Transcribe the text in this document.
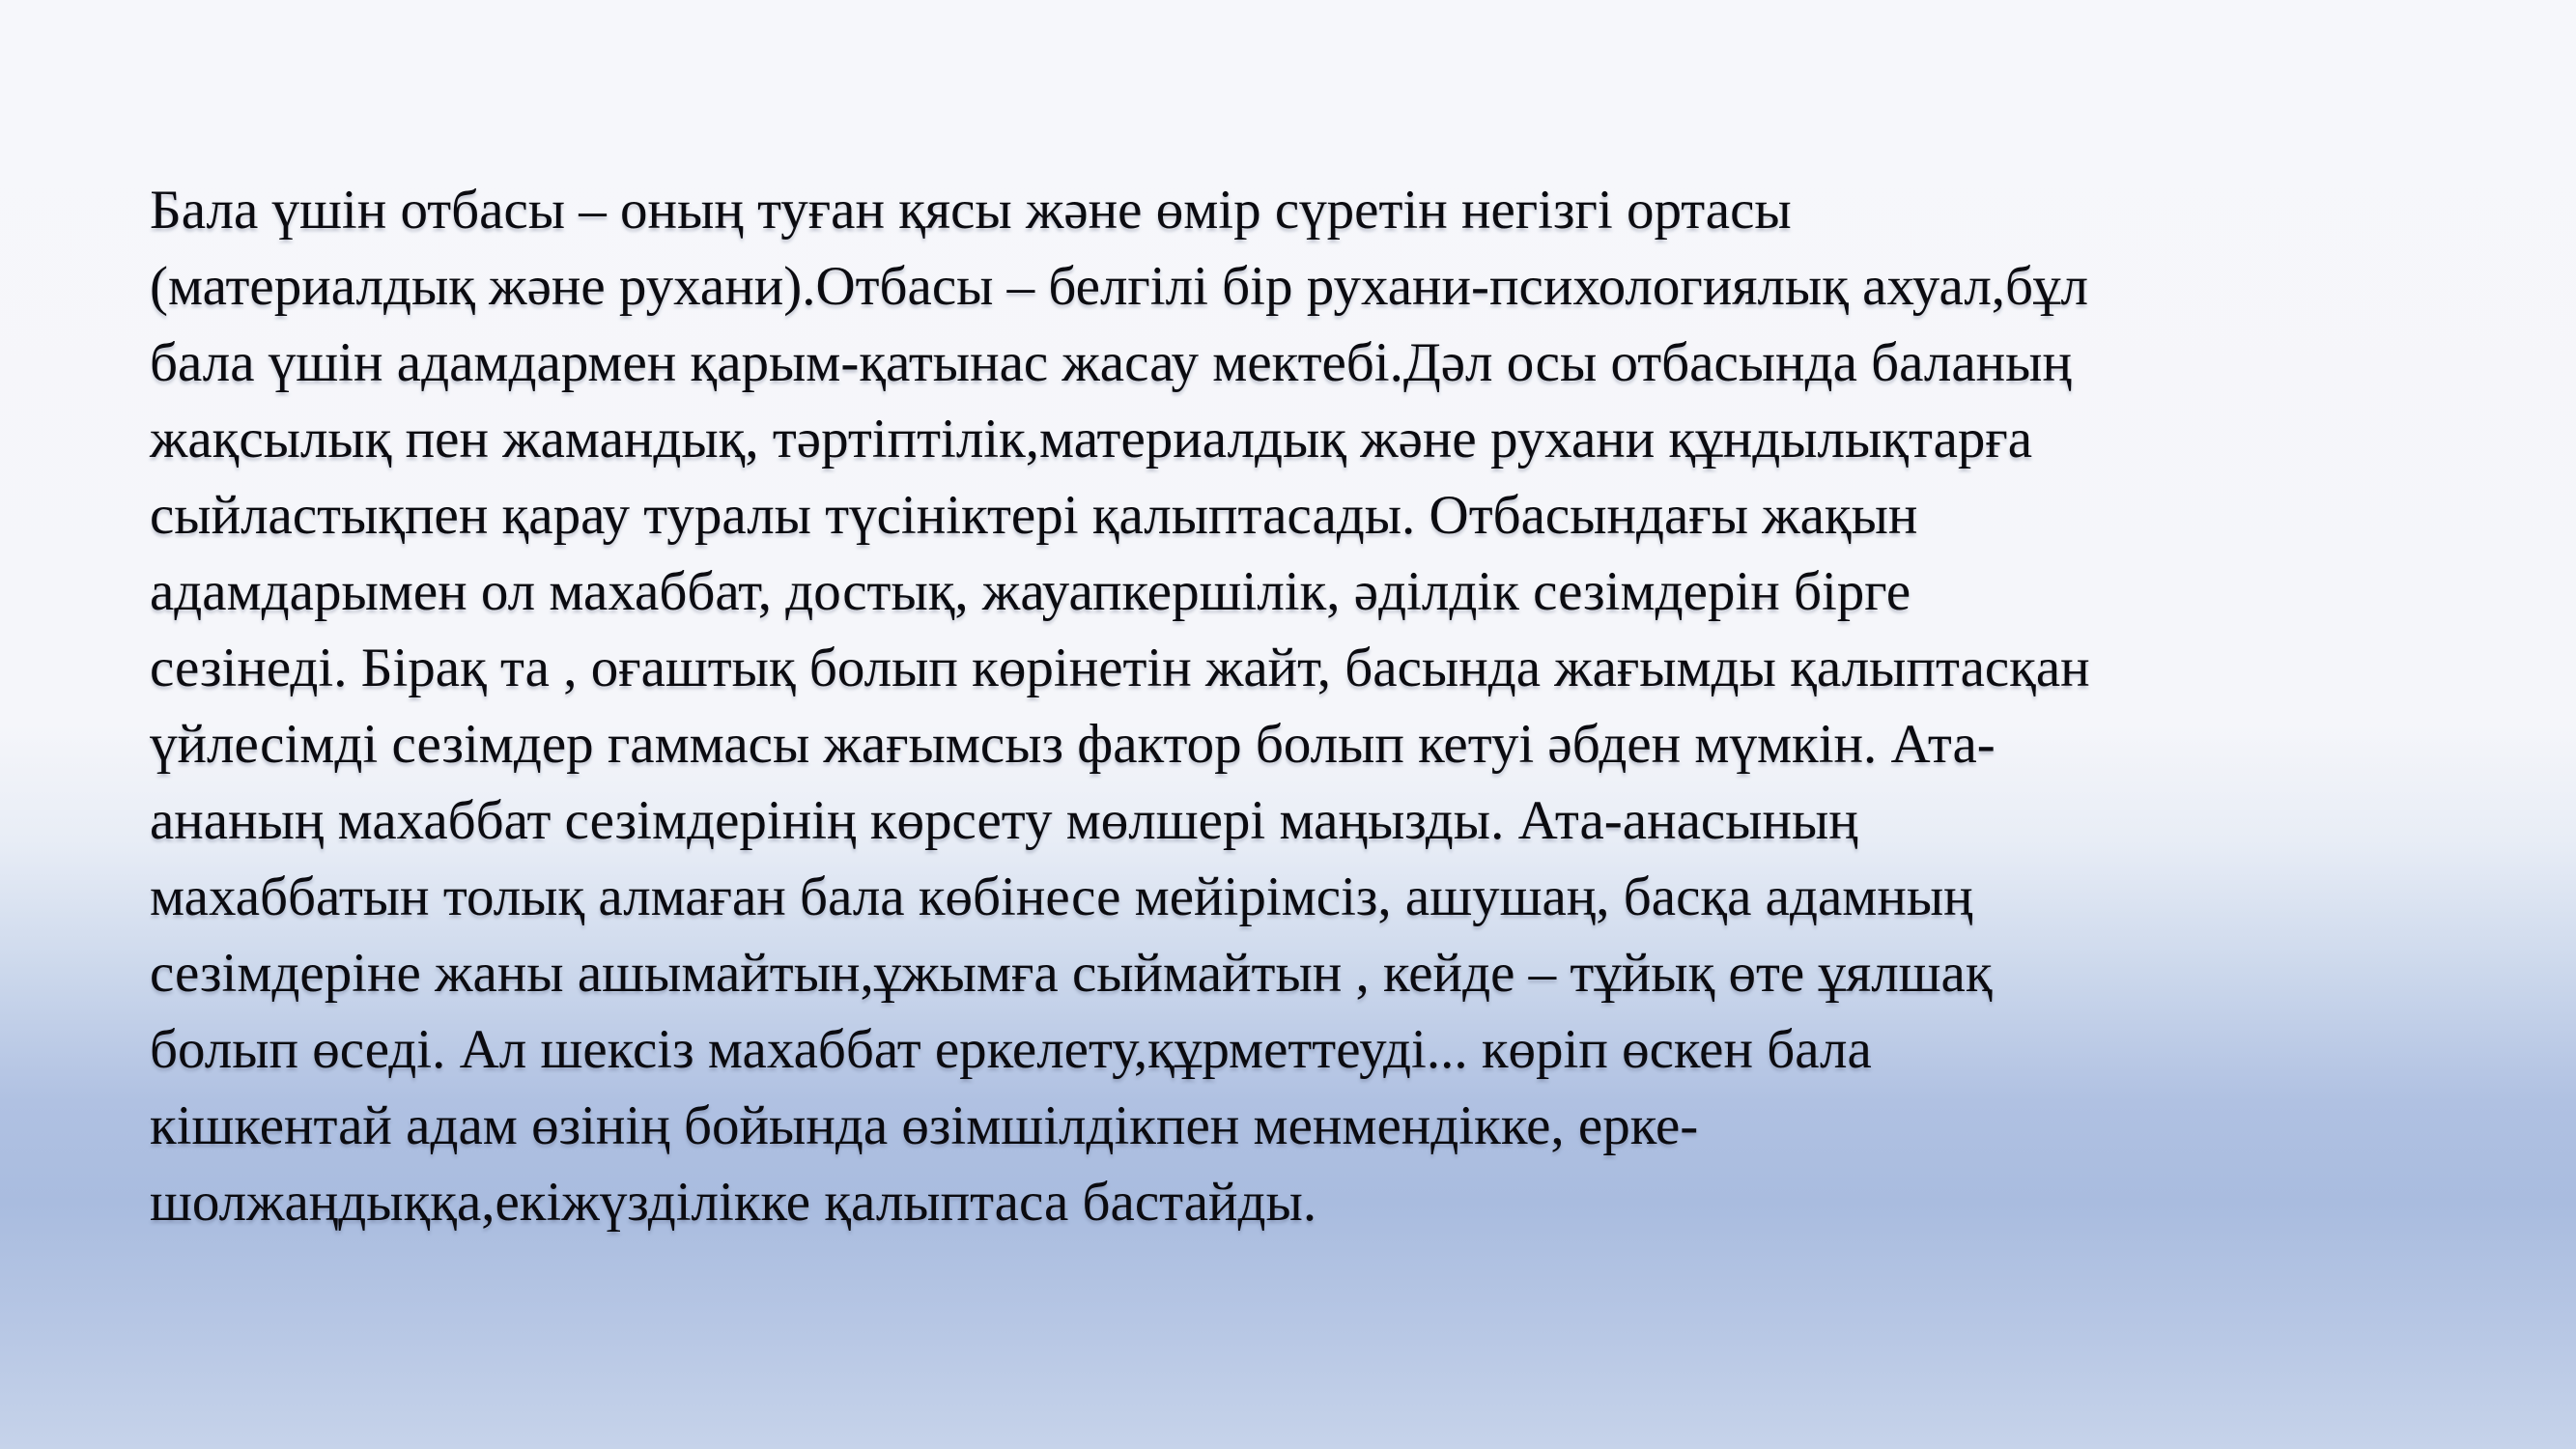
Бала үшін отбасы – оның туған қясы және өмір сүретін негізгі ортасы
(материалдық және рухани).Отбасы – белгілі бір рухани-психологиялық ахуал,бұл
бала үшін адамдармен қарым-қатынас жасау мектебі.Дәл осы отбасында баланың
жақсылық пен жамандық, тәртіптілік,материалдық және рухани құндылықтарға
сыйластықпен қарау туралы түсініктері қалыптасады. Отбасындағы жақын
адамдарымен ол махаббат, достық, жауапкершілік, әділдік сезімдерін бірге
сезінеді. Бірақ та , оғаштық болып көрінетін жайт, басында жағымды қалыптасқан
үйлесімді сезімдер гаммасы жағымсыз фактор болып кетуі әбден мүмкін. Ата-
ананың махаббат сезімдерінің көрсету мөлшері маңызды. Ата-анасының
махаббатын толық алмаған бала көбінесе мейірімсіз, ашушаң, басқа адамның
сезімдеріне жаны ашымайтын,ұжымға сыймайтын , кейде – тұйық өте ұялшақ
болып өседі. Ал шексіз махаббат еркелету,құрметтеуді... көріп өскен бала
кішкентай адам өзінің бойында өзімшілдікпен менмендікке, ерке-
шолжаңдыққа,екіжүзділікке қалыптаса бастайды.
